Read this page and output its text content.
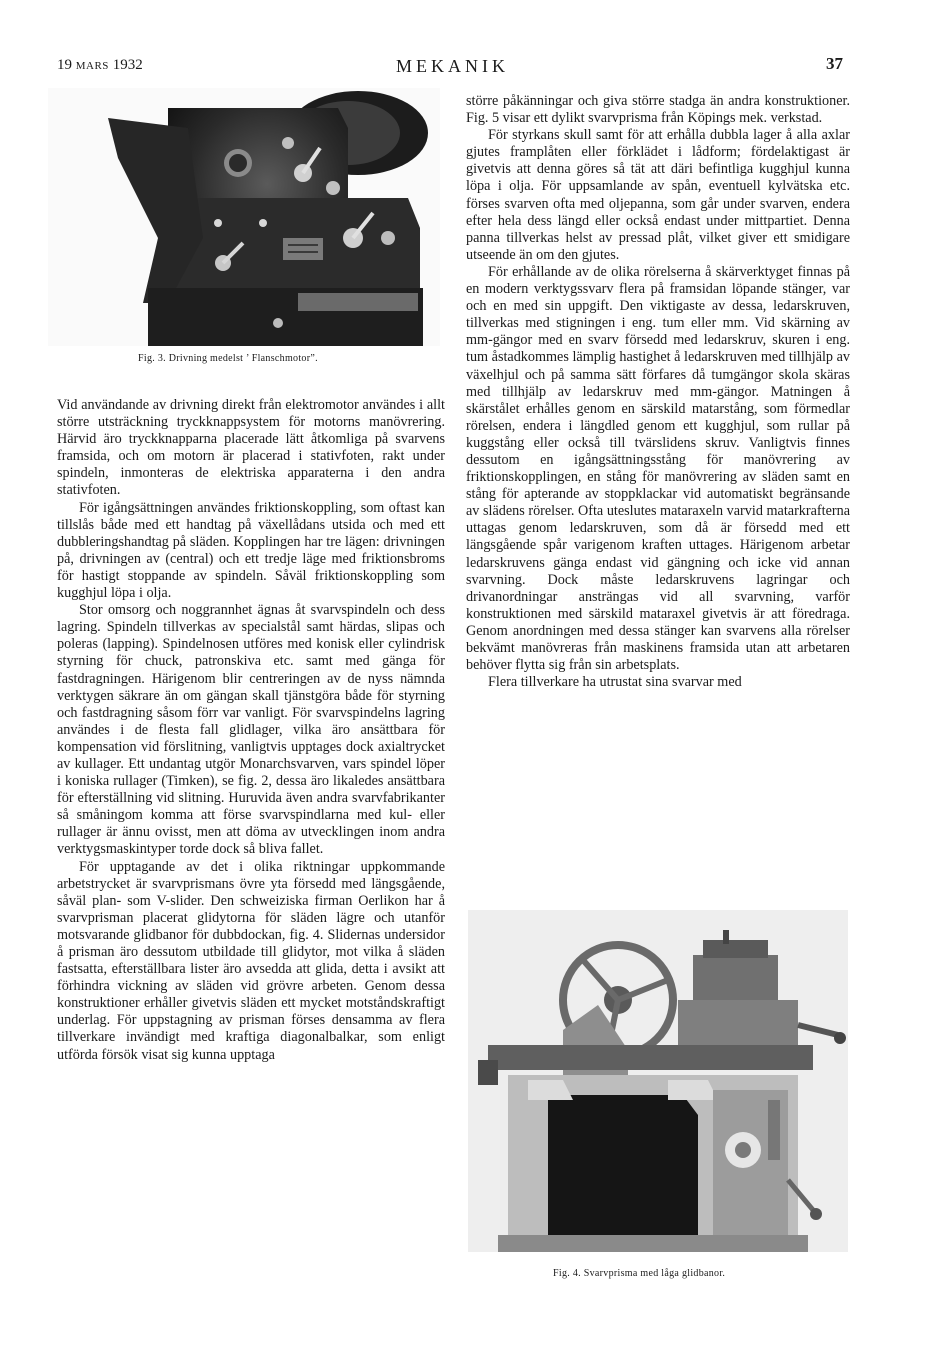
19 mars 1932	MEKANIK	37
Fig. 3. Drivning medelst ’ Flanschmotor”.

Vid användande av drivning direkt från elektromotor användes i allt större utsträckning tryckknappsystem för motorns manövrering. Härvid äro tryckknapparna placerade lätt åtkomliga på svarvens framsida, och om motorn är placerad i stativfoten, rakt under spindeln, inmonteras de elektriska apparaterna i den andra stativfoten.

För igångsättningen användes friktionskoppling, som oftast kan tillslås både med ett handtag på växellådans utsida och med ett dubbleringshandtag på släden. Kopplingen har tre lägen: drivningen på, drivningen av (central) och ett tredje läge med friktionsbroms för hastigt stoppande av spindeln. Såväl friktionskoppling som kugghjul löpa i olja.

Stor omsorg och noggrannhet ägnas åt svarvspindeln och dess lagring. Spindeln tillverkas av specialstål samt härdas, slipas och poleras (lapping). Spindelnosen utföres med konisk eller cylindrisk styrning för chuck, patronskiva etc. samt med gänga för fastdragningen. Härigenom blir centreringen av de nyss nämnda verktygen säkrare än om gängan skall tjänstgöra både för styrning och fastdragning såsom förr var vanligt. För svarvspindelns lagring användes i de flesta fall glidlager, vilka äro ansättbara för kompensation vid förslitning, vanligtvis upptages dock axialtrycket av kullager. Ett undantag utgör Monarchsvarven, vars spindel löper i koniska rullager (Timken), se fig. 2, dessa äro likaledes ansättbara för efterställning vid slitning. Huruvida även andra svarvfabrikanter så småningom komma att förse svarvspindlarna med kul- eller rullager är ännu ovisst, men att döma av utvecklingen inom andra verktygsmaskintyper torde dock så bliva fallet.

För upptagande av det i olika riktningar uppkommande arbetstrycket är svarvprismans övre yta försedd med längsgående, såväl plan- som V-slider. Den schweiziska firman Oerlikon har å svarvprisman placerat glidytorna för släden lägre och utanför motsvarande glidbanor för dubbdockan, fig. 4. Slidernas undersidor å prisman äro dessutom utbildade till glidytor, mot vilka å släden fastsatta, efterställbara lister äro avsedda att glida, detta i avsikt att förhindra vickning av släden vid grövre arbeten. Genom dessa konstruktioner erhåller givetvis släden ett mycket motståndskraftigt underlag. För uppstagning av prisman förses densamma av flera tillverkare invändigt med kraftiga diagonalbalkar, som enligt utförda försök visat sig kunna upptaga

större påkänningar och giva större stadga än andra konstruktioner. Fig. 5 visar ett dylikt svarvprisma från Köpings mek. verkstad.

För styrkans skull samt för att erhålla dubbla lager å alla axlar gjutes framplåten eller förklädet i lådform; fördelaktigast är givetvis att denna göres så tät att däri befintliga kugghjul kunna löpa i olja. För uppsamlande av spån, eventuell kylvätska etc. förses svarven ofta med oljepanna, som går under svarven, endera efter hela dess längd eller också endast under mittpartiet. Denna panna tillverkas helst av pressad plåt, vilket giver ett smidigare utseende än om den gjutes.

För erhållande av de olika rörelserna å skärverktyget finnas på en modern verktygssvarv flera på framsidan löpande stänger, var och en med sin uppgift. Den viktigaste av dessa, ledarskruven, tillverkas med stigningen i eng. tum eller mm. Vid skärning av mm-gängor med en svarv försedd med ledarskruv, skuren i eng. tum åstadkommes lämplig hastighet å ledarskruven med tillhjälp av växelhjul och på samma sätt förfares då tumgängor skola skäras med tillhjälp av ledarskruv med mm-gängor. Matningen å skärstålet erhålles genom en särskild matarstång, som förmedlar rörelsen, endera i längdled genom ett kugghjul, som rullar på kuggstång eller också till tvärslidens skruv. Vanligtvis finnes dessutom en igångsättningsstång för manövrering av friktionskopplingen, en stång för manövrering av släden samt en stång för apterande av stoppklackar vid automatiskt begränsande av slädens rörelser. Ofta uteslutes mataraxeln varvid matarkrafterna uttagas genom ledarskruven, som då är försedd med ett längsgående spår varigenom kraften uttages. Härigenom arbetar ledarskruvens gänga endast vid gängning och icke vid annan svarvning. Dock måste ledarskruvens lagringar och drivanordningar ansträngas vid all svarvning, varför konstruktionen med särskild mataraxel givetvis är att föredraga. Genom anordningen med dessa stänger kan svarvens alla rörelser bekvämt manövreras från maskinens framsida utan att arbetaren behöver flytta sig från sin arbetsplats.

Flera tillverkare ha utrustat sina svarvar med

Fig. 4. Svarvprisma med låga glidbanor.
